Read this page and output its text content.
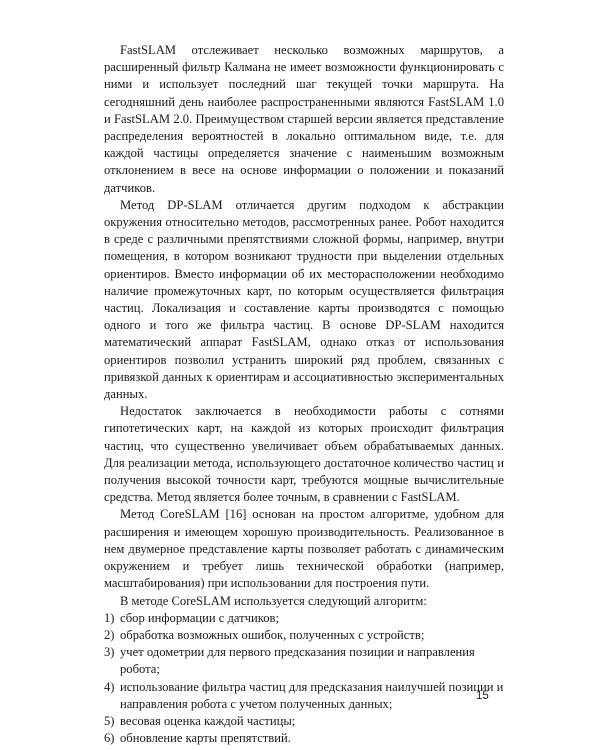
FastSLAM отслеживает несколько возможных маршрутов, а расширенный фильтр Калмана не имеет возможности функционировать с ними и использует последний шаг текущей точки маршрута. На сегодняшний день наиболее распространенными являются FastSLAM 1.0 и FastSLAM 2.0. Преимуществом старшей версии является представление распределения вероятностей в локально оптимальном виде, т.е. для каждой частицы определяется значение с наименьшим возможным отклонением в весе на основе информации о положении и показаний датчиков.

Метод DP-SLAM отличается другим подходом к абстракции окружения относительно методов, рассмотренных ранее. Робот находится в среде с различными препятствиями сложной формы, например, внутри помещения, в котором возникают трудности при выделении отдельных ориентиров. Вместо информации об их месторасположении необходимо наличие промежуточных карт, по которым осуществляется фильтрация частиц. Локализация и составление карты производятся с помощью одного и того же фильтра частиц. В основе DP-SLAM находится математический аппарат FastSLAM, однако отказ от использования ориентиров позволил устранить широкий ряд проблем, связанных с привязкой данных к ориентирам и ассоциативностью экспериментальных данных.

Недостаток заключается в необходимости работы с сотнями гипотетических карт, на каждой из которых происходит фильтрация частиц, что существенно увеличивает объем обрабатываемых данных. Для реализации метода, использующего достаточное количество частиц и получения высокой точности карт, требуются мощные вычислительные средства. Метод является более точным, в сравнении с FastSLAM.

Метод CoreSLAM [16] основан на простом алгоритме, удобном для расширения и имеющем хорошую производительность. Реализованное в нем двумерное представление карты позволяет работать с динамическим окружением и требует лишь технической обработки (например, масштабирования) при использовании для построения пути.

В методе CoreSLAM используется следующий алгоритм:

1) сбор информации с датчиков;
2) обработка возможных ошибок, полученных с устройств;
3) учет одометрии для первого предсказания позиции и направления робота;
4) использование фильтра частиц для предсказания наилучшей позиции и направления робота с учетом полученных данных;
5) весовая оценка каждой частицы;
6) обновление карты препятствий.
15
